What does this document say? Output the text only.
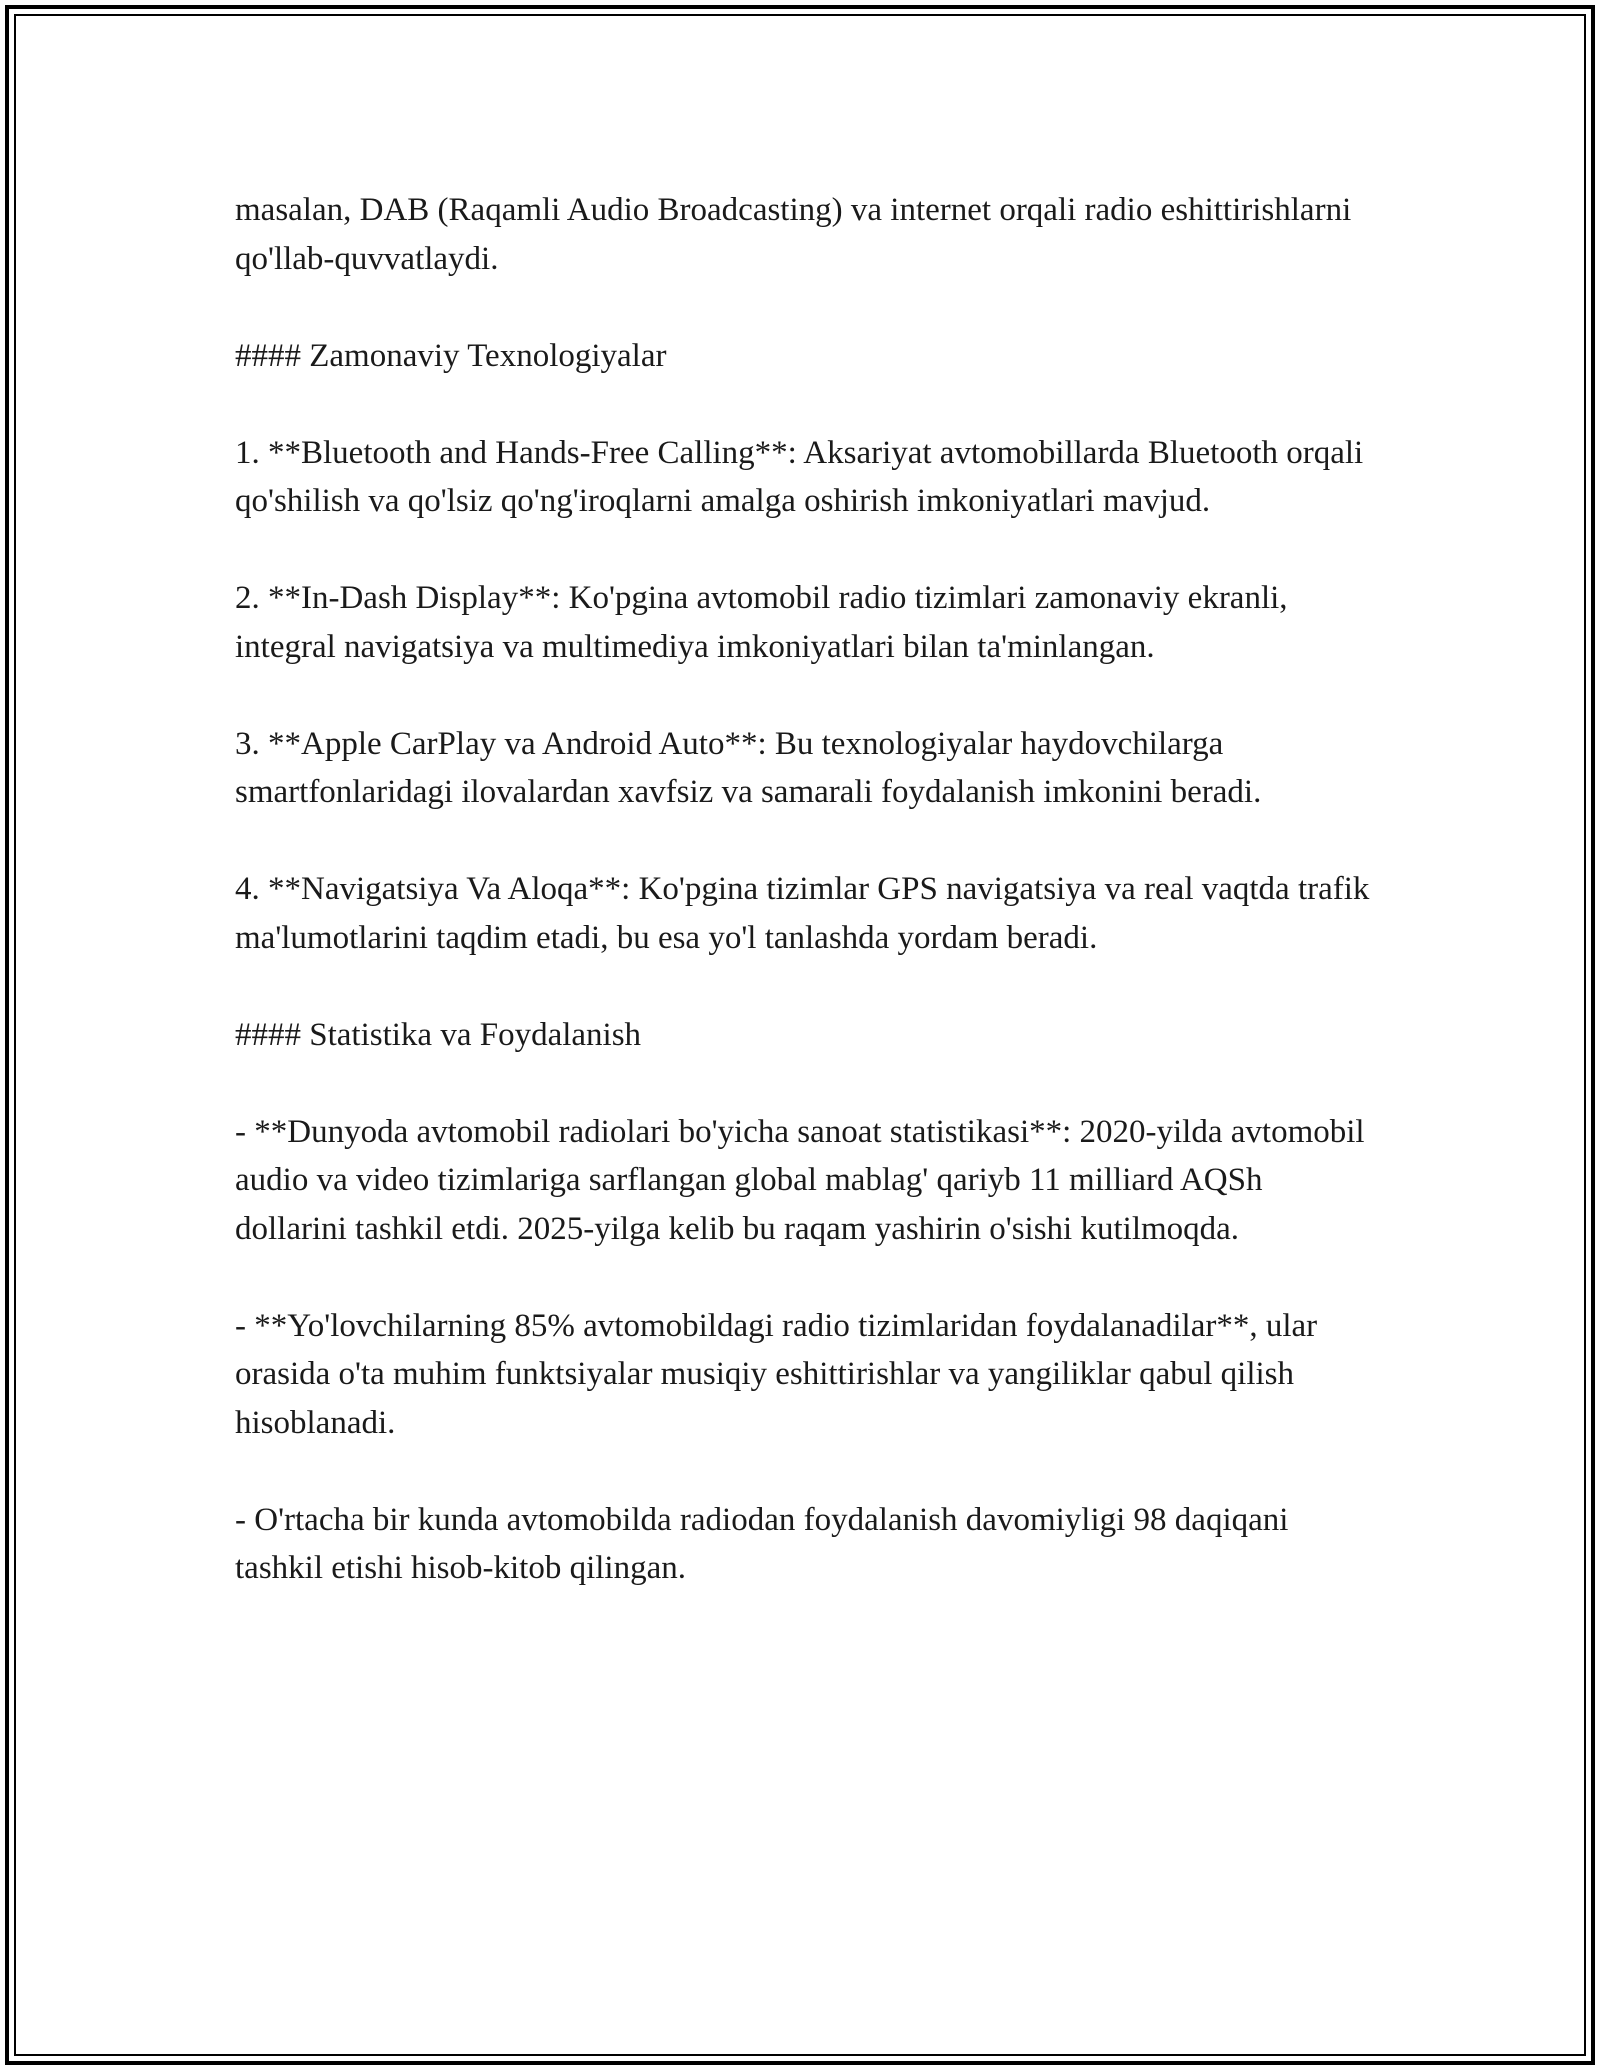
masalan, DAB (Raqamli Audio Broadcasting) va internet orqali radio eshittirishlarni qo'llab-quvvatlaydi.

#### Zamonaviy Texnologiyalar

1. **Bluetooth and Hands-Free Calling**: Aksariyat avtomobillarda Bluetooth orqali qo'shilish va qo'lsiz qo'ng'iroqlarni amalga oshirish imkoniyatlari mavjud.

2. **In-Dash Display**: Ko'pgina avtomobil radio tizimlari zamonaviy ekranli, integral navigatsiya va multimediya imkoniyatlari bilan ta'minlangan.

3. **Apple CarPlay va Android Auto**: Bu texnologiyalar haydovchilarga smartfonlaridagi ilovalardan xavfsiz va samarali foydalanish imkonini beradi.

4. **Navigatsiya Va Aloqa**: Ko'pgina tizimlar GPS navigatsiya va real vaqtda trafik ma'lumotlarini taqdim etadi, bu esa yo'l tanlashda yordam beradi.

#### Statistika va Foydalanish

- **Dunyoda avtomobil radiolari bo'yicha sanoat statistikasi**: 2020-yilda avtomobil audio va video tizimlariga sarflangan global mablag' qariyb 11 milliard AQSh dollarini tashkil etdi. 2025-yilga kelib bu raqam yashirin o'sishi kutilmoqda.

- **Yo'lovchilarning 85% avtomobildagi radio tizimlaridan foydalanadilar**, ular orasida o'ta muhim funktsiyalar musiqiy eshittirishlar va yangiliklar qabul qilish hisoblanadi.

- O'rtacha bir kunda avtomobilda radiodan foydalanish davomiyligi 98 daqiqani tashkil etishi hisob-kitob qilingan.
